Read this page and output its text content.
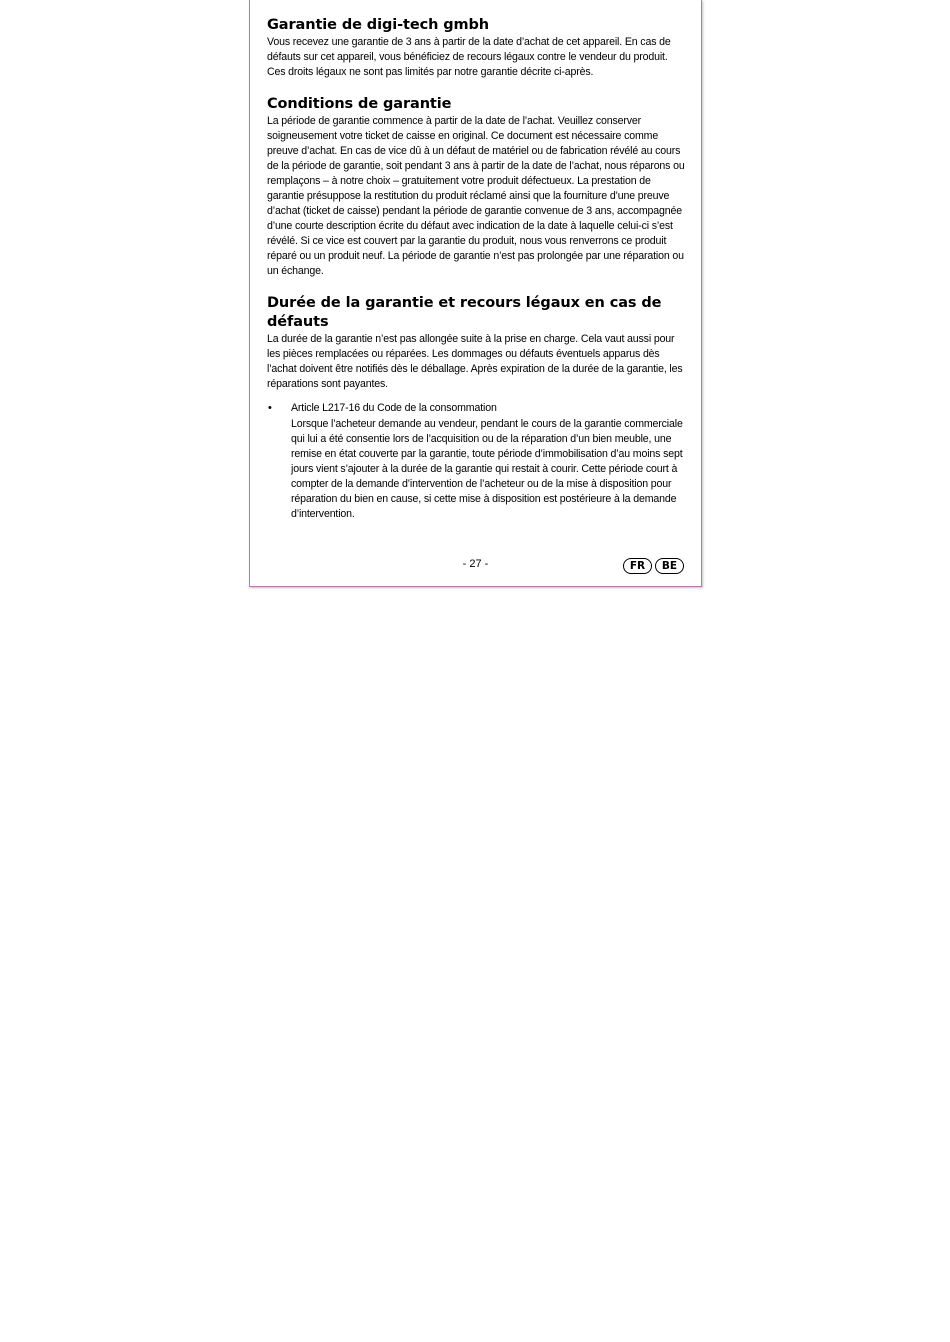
Garantie de digi-tech gmbh

Vous recevez une garantie de 3 ans à partir de la date d’achat de cet appareil. En cas de défauts sur cet appareil, vous bénéficiez de recours légaux contre le vendeur du produit. Ces droits légaux ne sont pas limités par notre garantie décrite ci-après.

Conditions de garantie

La période de garantie commence à partir de la date de l’achat. Veuillez conserver soigneusement votre ticket de caisse en original. Ce document est nécessaire comme preuve d’achat. En cas de vice dû à un défaut de matériel ou de fabrication révélé au cours de la période de garantie, soit pendant 3 ans à partir de la date de l’achat, nous réparons ou remplaçons – à notre choix – gratuitement votre produit défectueux. La prestation de garantie présuppose la restitution du produit réclamé ainsi que la fourniture d’une preuve d’achat (ticket de caisse) pendant la période de garantie convenue de 3 ans, accompagnée d’une courte description écrite du défaut avec indication de la date à laquelle celui-ci s’est révélé. Si ce vice est couvert par la garantie du produit, nous vous renverrons ce produit réparé ou un produit neuf. La période de garantie n’est pas prolongée par une réparation ou un échange.

Durée de la garantie et recours légaux en cas de défauts

La durée de la garantie n’est pas allongée suite à la prise en charge. Cela vaut aussi pour les pièces remplacées ou réparées. Les dommages ou défauts éventuels apparus dès l’achat doivent être notifiés dès le déballage. Après expiration de la durée de la garantie, les réparations sont payantes.

•	Article L217-16 du Code de la consommation

Lorsque l’acheteur demande au vendeur, pendant le cours de la garantie commerciale qui lui a été consentie lors de l’acquisition ou de la réparation d’un bien meuble, une remise en état couverte par la garantie, toute période d’immobilisation d’au moins sept jours vient s’ajouter à la durée de la garantie qui restait à courir. Cette période court à compter de la demande d’intervention de l’acheteur ou de la mise à disposition pour réparation du bien en cause, si cette mise à disposition est postérieure à la demande d’intervention.

- 27 -	FR	BE
